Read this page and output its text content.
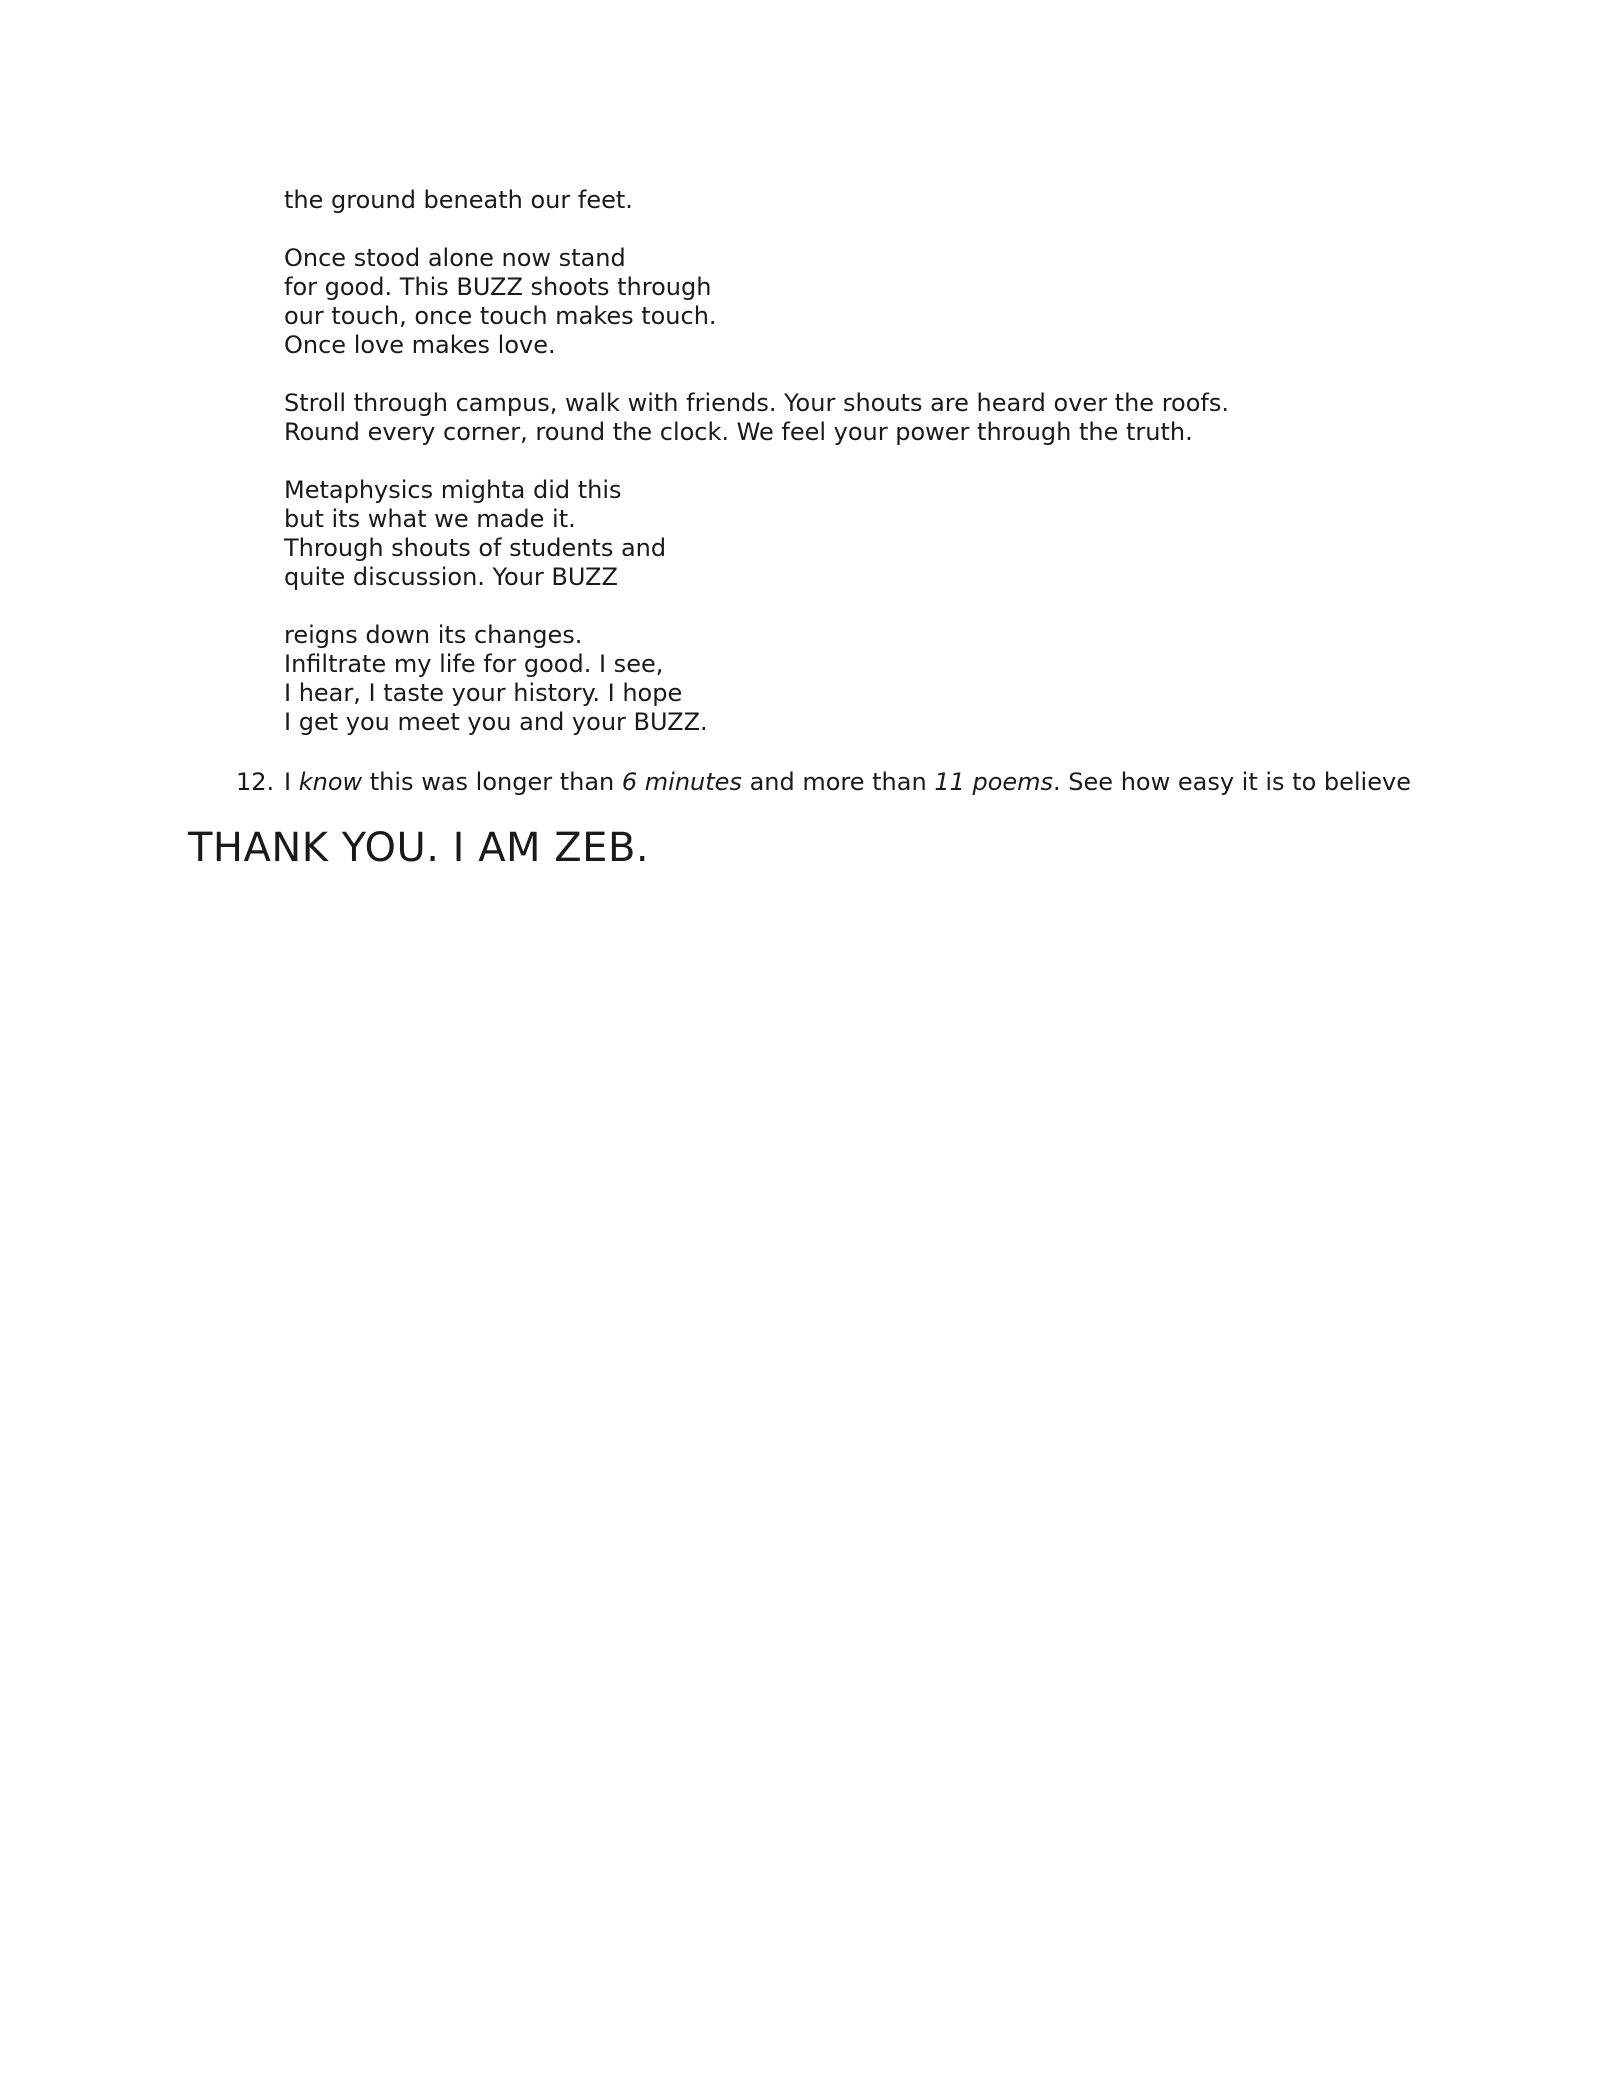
the ground beneath our feet.
Once stood alone now stand
for good. This BUZZ shoots through
our touch, once touch makes touch.
Once love makes love.
Stroll through campus, walk with friends. Your shouts are heard over the roofs.
Round every corner, round the clock. We feel your power through the truth.
Metaphysics mighta did this
but its what we made it.
Through shouts of students and
quite discussion. Your BUZZ
reigns down its changes.
Infiltrate my life for good. I see,
I hear, I taste your history. I hope
I get you meet you and your BUZZ.
12. I know this was longer than 6 minutes and more than 11 poems. See how easy it is to believe
THANK YOU. I AM ZEB.
